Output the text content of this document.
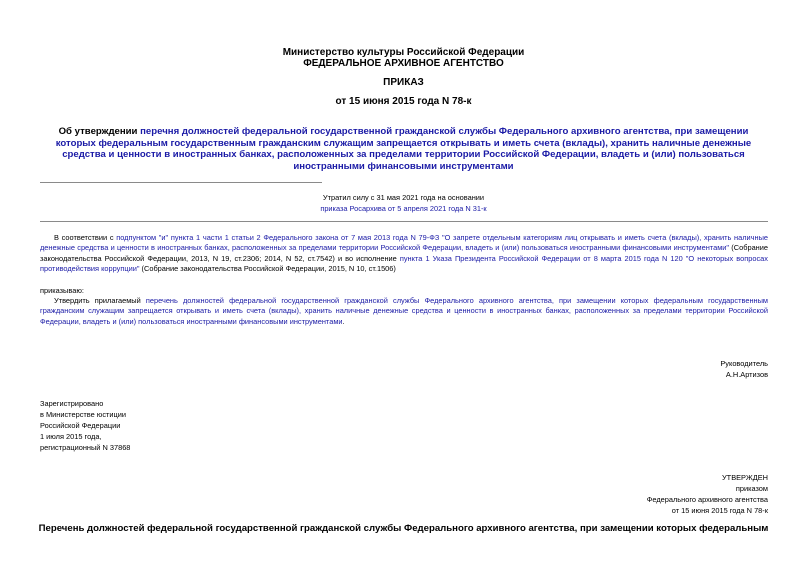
Министерство культуры Российской Федерации
ФЕДЕРАЛЬНОЕ АРХИВНОЕ АГЕНТСТВО
ПРИКАЗ
от 15 июня 2015 года N 78-к
Об утверждении перечня должностей федеральной государственной гражданской службы Федерального архивного агентства, при замещении которых федеральным государственным гражданским служащим запрещается открывать и иметь счета (вклады), хранить наличные денежные средства и ценности в иностранных банках, расположенных за пределами территории Российской Федерации, владеть и (или) пользоваться иностранными финансовыми инструментами
Утратил силу с 31 мая 2021 года на основании
приказа Росархива от 5 апреля 2021 года N 31-к
В соответствии с подпунктом "и" пункта 1 части 1 статьи 2 Федерального закона от 7 мая 2013 года N 79-ФЗ "О запрете отдельным категориям лиц открывать и иметь счета (вклады), хранить наличные денежные средства и ценности в иностранных банках, расположенных за пределами территории Российской Федерации, владеть и (или) пользоваться иностранными финансовыми инструментами" (Собрание законодательства Российской Федерации, 2013, N 19, ст.2306; 2014, N 52, ст.7542) и во исполнение пункта 1 Указа Президента Российской Федерации от 8 марта 2015 года N 120 "О некоторых вопросах противодействия коррупции" (Собрание законодательства Российской Федерации, 2015, N 10, ст.1506)
приказываю:
Утвердить прилагаемый перечень должностей федеральной государственной гражданской службы Федерального архивного агентства, при замещении которых федеральным государственным гражданским служащим запрещается открывать и иметь счета (вклады), хранить наличные денежные средства и ценности в иностранных банках, расположенных за пределами территории Российской Федерации, владеть и (или) пользоваться иностранными финансовыми инструментами.
Руководитель
А.Н.Артизов
Зарегистрировано
в Министерстве юстиции
Российской Федерации
1 июля 2015 года,
регистрационный N 37868
УТВЕРЖДЕН
приказом
Федерального архивного агентства
от 15 июня 2015 года N 78-к
Перечень должностей федеральной государственной гражданской службы Федерального архивного агентства, при замещении которых федеральным
